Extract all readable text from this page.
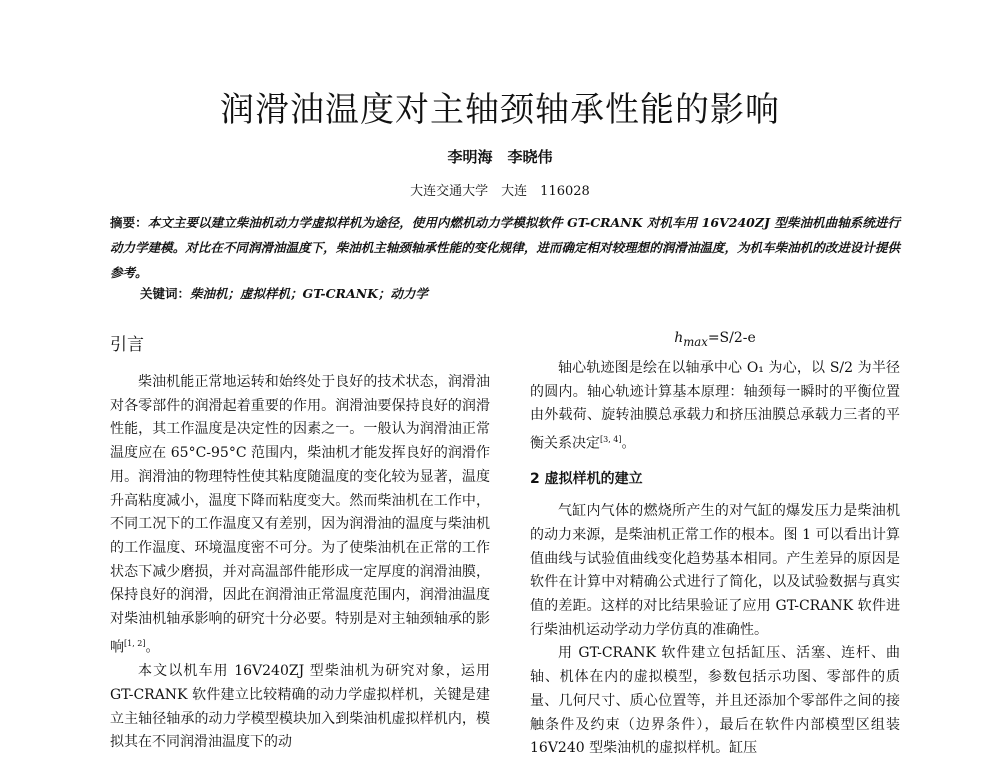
润滑油温度对主轴颈轴承性能的影响
李明海　李晓伟
大连交通大学　大连　116028
摘要：本文主要以建立柴油机动力学虚拟样机为途径，使用内燃机动力学模拟软件 GT-CRANK 对机车用 16V240ZJ 型柴油机曲轴系统进行动力学建模。对比在不同润滑油温度下，柴油机主轴颈轴承性能的变化规律，进而确定相对较理想的润滑油温度，为机车柴油机的改进设计提供参考。
关键词：柴油机；虚拟样机；GT-CRANK；动力学
引言

柴油机能正常地运转和始终处于良好的技术状态，润滑油对各零部件的润滑起着重要的作用。润滑油要保持良好的润滑性能，其工作温度是决定性的因素之一。一般认为润滑油正常温度应在 65°C-95°C 范围内，柴油机才能发挥良好的润滑作用。润滑油的物理特性使其粘度随温度的变化较为显著，温度升高粘度减小，温度下降而粘度变大。然而柴油机在工作中，不同工况下的工作温度又有差别，因为润滑油的温度与柴油机的工作温度、环境温度密不可分。为了使柴油机在正常的工作状态下减少磨损，并对高温部件能形成一定厚度的润滑油膜，保持良好的润滑，因此在润滑油正常温度范围内，润滑油温度对柴油机轴承影响的研究十分必要。特别是对主轴颈轴承的影响[1, 2]。

本文以机车用 16V240ZJ 型柴油机为研究对象，运用 GT-CRANK 软件建立比较精确的动力学虚拟样机，关键是建立主轴径轴承的动力学模型模块加入到柴油机虚拟样机内，模拟其在不同润滑油温度下的动

$h_{max}=S/2-e$

轴心轨迹图是绘在以轴承中心 O₁ 为心，以 S/2 为半径的圆内。轴心轨迹计算基本原理：轴颈每一瞬时的平衡位置由外载荷、旋转油膜总承载力和挤压油膜总承载力三者的平衡关系决定[3, 4]。

2 虚拟样机的建立

气缸内气体的燃烧所产生的对气缸的爆发压力是柴油机的动力来源，是柴油机正常工作的根本。图 1 可以看出计算值曲线与试验值曲线变化趋势基本相同。产生差异的原因是软件在计算中对精确公式进行了简化，以及试验数据与真实值的差距。这样的对比结果验证了应用 GT-CRANK 软件进行柴油机运动学动力学仿真的准确性。

用 GT-CRANK 软件建立包括缸压、活塞、连杆、曲轴、机体在内的虚拟模型，参数包括示功图、零部件的质量、几何尺寸、质心位置等，并且还添加个零部件之间的接触条件及约束（边界条件），最后在软件内部模型区组装 16V240 型柴油机的虚拟样机。缸压
